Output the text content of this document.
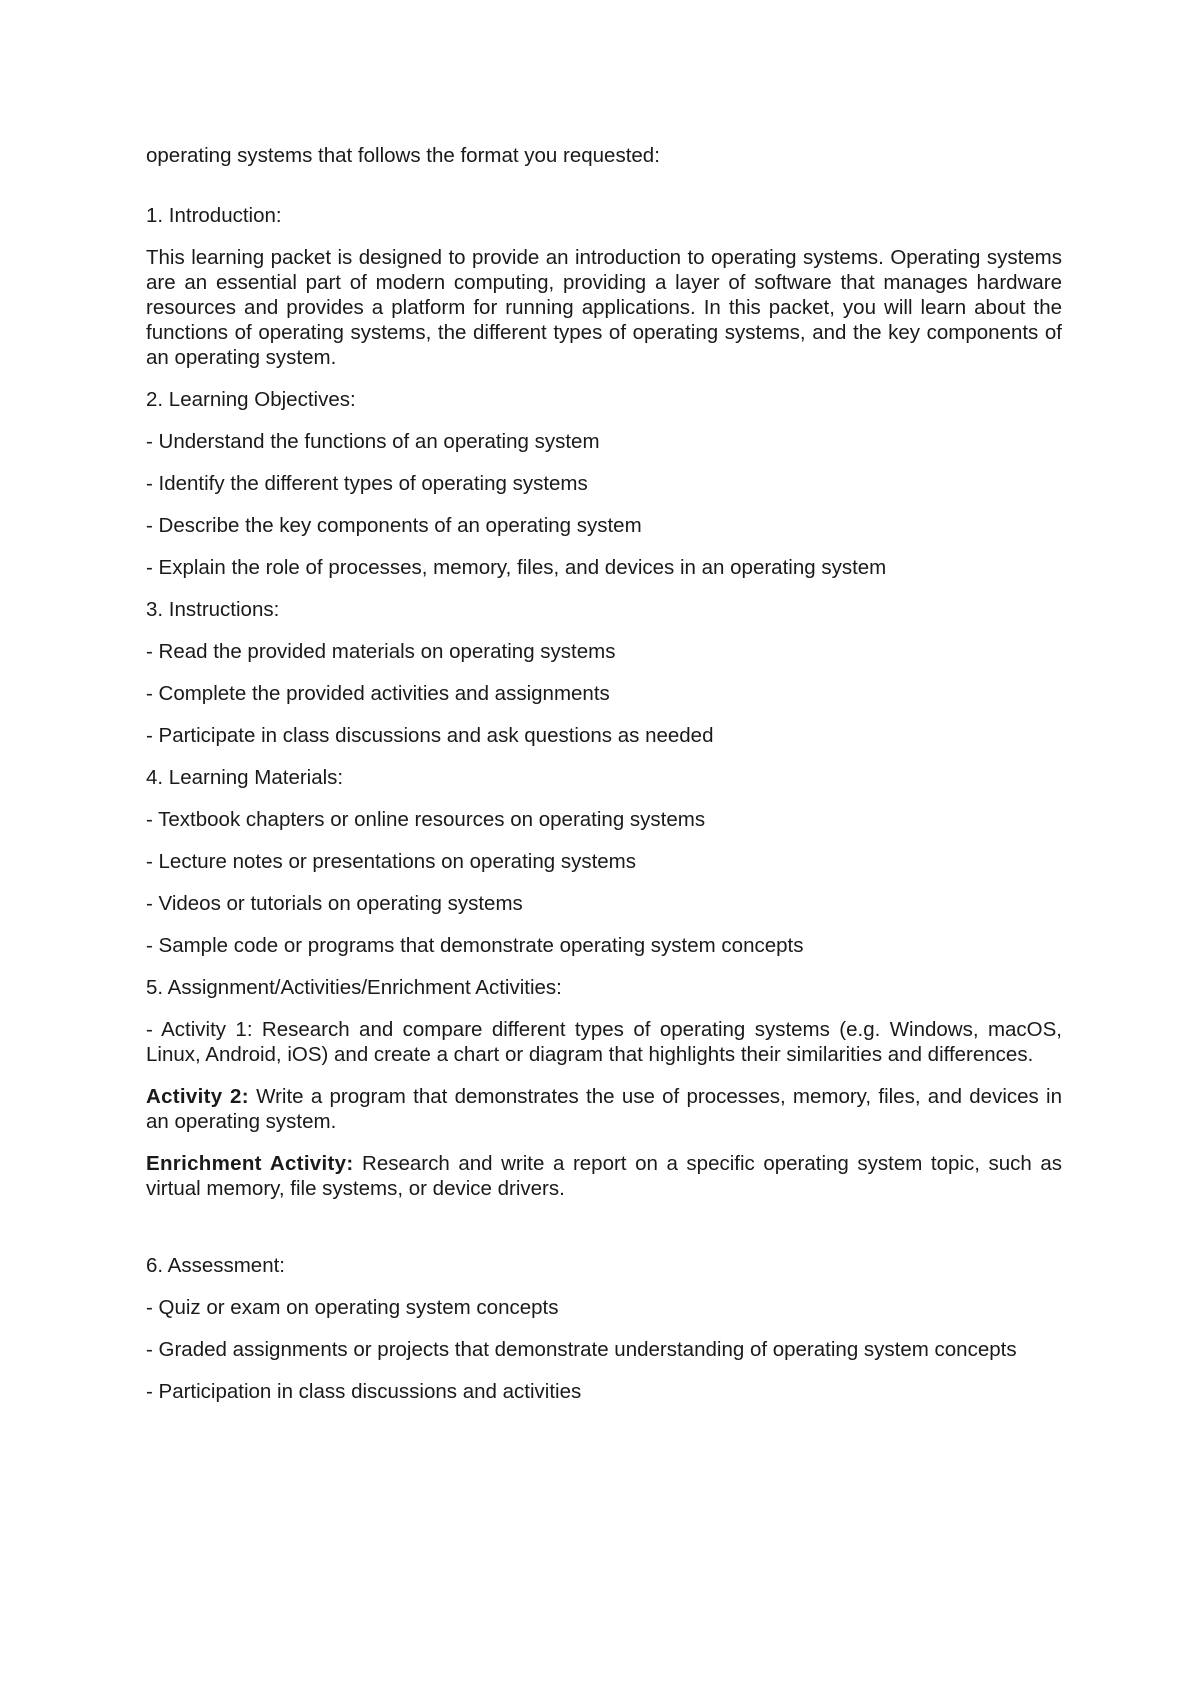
operating systems that follows the format you requested:

1. Introduction:

This learning packet is designed to provide an introduction to operating systems. Operating systems are an essential part of modern computing, providing a layer of software that manages hardware resources and provides a platform for running applications. In this packet, you will learn about the functions of operating systems, the different types of operating systems, and the key components of an operating system.

2. Learning Objectives:

- Understand the functions of an operating system

- Identify the different types of operating systems

- Describe the key components of an operating system

- Explain the role of processes, memory, files, and devices in an operating system

3. Instructions:

- Read the provided materials on operating systems

- Complete the provided activities and assignments

- Participate in class discussions and ask questions as needed

4. Learning Materials:

- Textbook chapters or online resources on operating systems

- Lecture notes or presentations on operating systems

- Videos or tutorials on operating systems

- Sample code or programs that demonstrate operating system concepts

5. Assignment/Activities/Enrichment Activities:

- Activity 1: Research and compare different types of operating systems (e.g. Windows, macOS, Linux, Android, iOS) and create a chart or diagram that highlights their similarities and differences.

Activity 2: Write a program that demonstrates the use of processes, memory, files, and devices in an operating system.

Enrichment Activity: Research and write a report on a specific operating system topic, such as virtual memory, file systems, or device drivers.

6. Assessment:

- Quiz or exam on operating system concepts

- Graded assignments or projects that demonstrate understanding of operating system concepts

- Participation in class discussions and activities
